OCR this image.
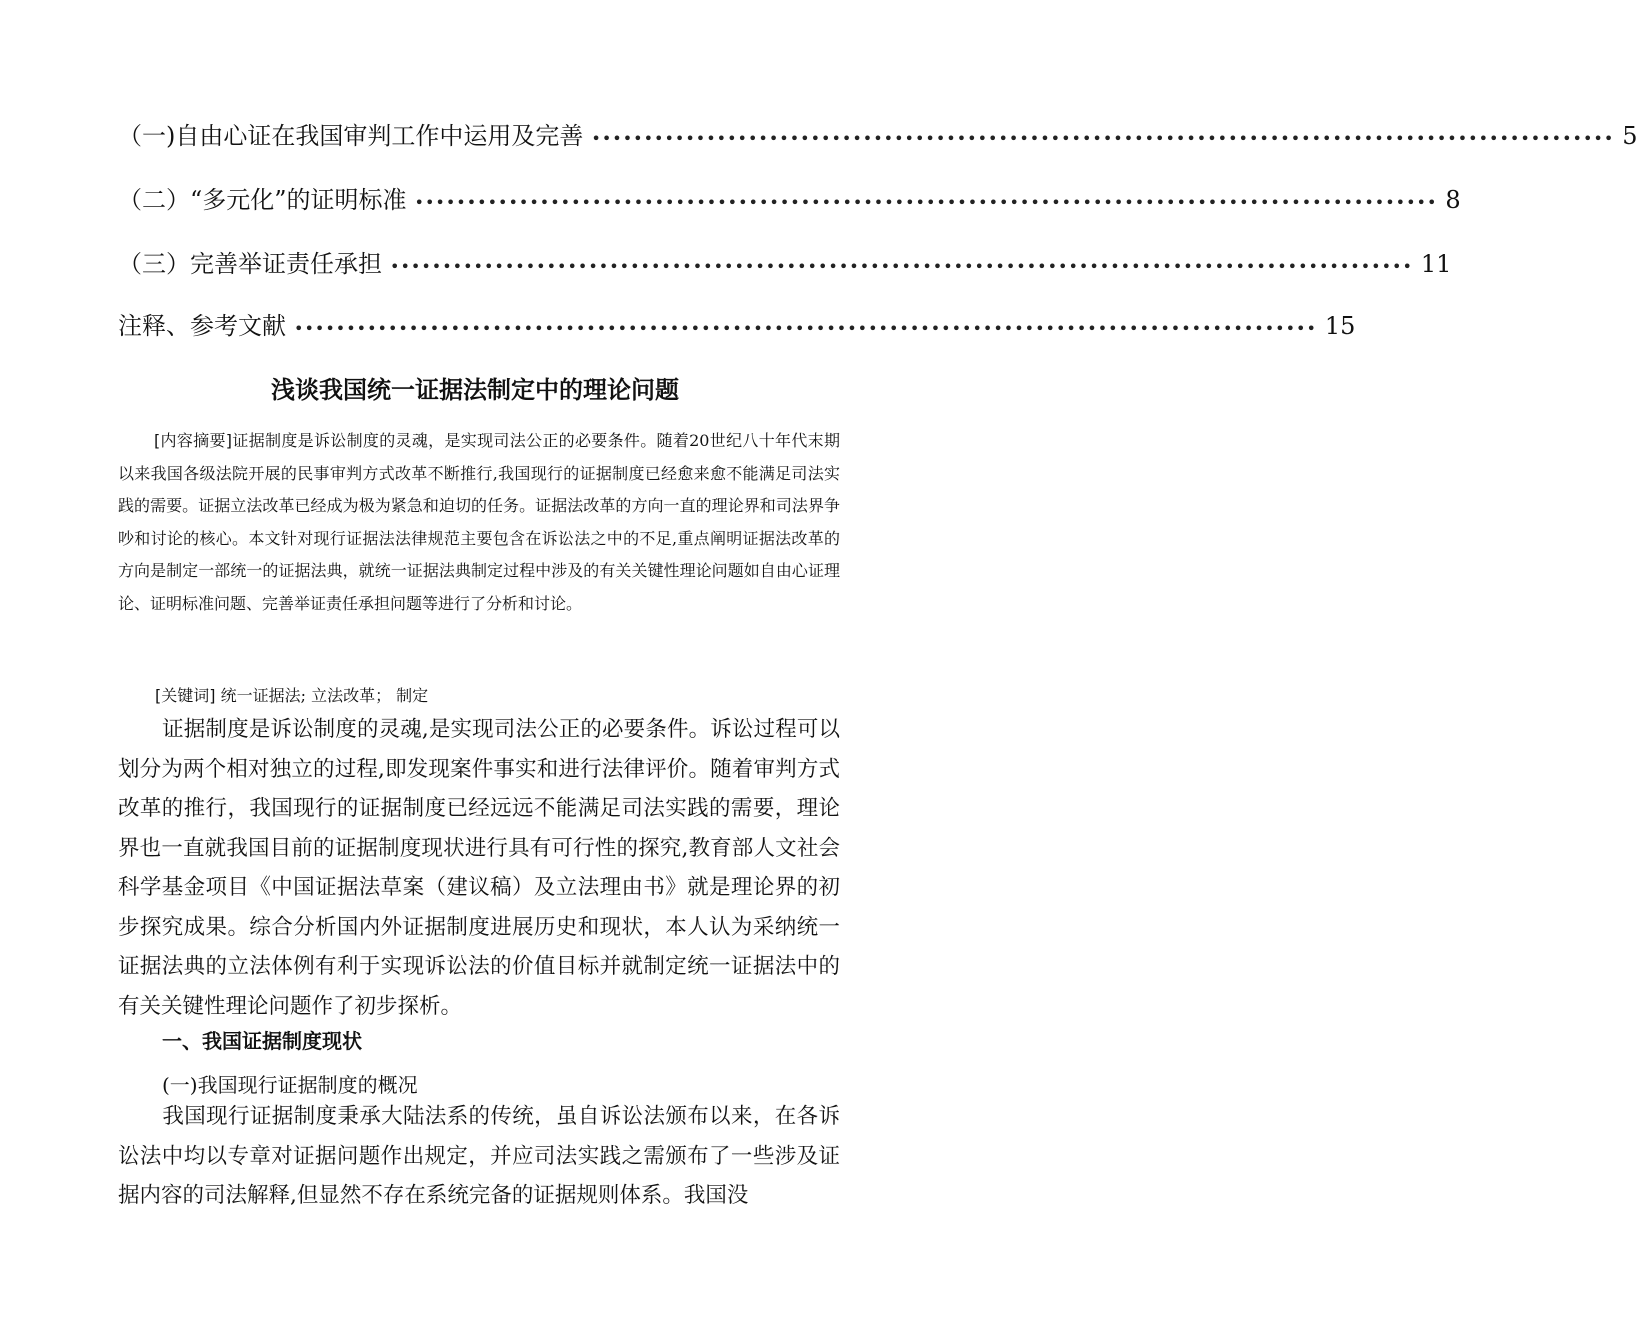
（一)自由心证在我国审判工作中运用及完善 •••••••••••••••••••••••••••••••••••••••••••••••••••••••••••••••••••••••••••••••••••••••••••••••••• 5
（二）“多元化”的证明标准 •••••••••••••••••••••••••••••••••••••••••••••••••••••••••••••••••••••••••••••••••••••••••••••••••• 8
（三）完善举证责任承担 •••••••••••••••••••••••••••••••••••••••••••••••••••••••••••••••••••••••••••••••••••••••••••••••••• 11
注释、参考文献 •••••••••••••••••••••••••••••••••••••••••••••••••••••••••••••••••••••••••••••••••••••••••••••••••• 15
浅谈我国统一证据法制定中的理论问题
[内容摘要]证据制度是诉讼制度的灵魂，是实现司法公正的必要条件。随着20世纪八十年代末期以来我国各级法院开展的民事审判方式改革不断推行,我国现行的证据制度已经愈来愈不能满足司法实践的需要。证据立法改革已经成为极为紧急和迫切的任务。证据法改革的方向一直的理论界和司法界争吵和讨论的核心。本文针对现行证据法法律规范主要包含在诉讼法之中的不足,重点阐明证据法改革的方向是制定一部统一的证据法典，就统一证据法典制定过程中涉及的有关关键性理论问题如自由心证理论、证明标准问题、完善举证责任承担问题等进行了分析和讨论。
[关键词] 统一证据法; 立法改革； 制定
证据制度是诉讼制度的灵魂,是实现司法公正的必要条件。诉讼过程可以划分为两个相对独立的过程,即发现案件事实和进行法律评价。随着审判方式改革的推行，我国现行的证据制度已经远远不能满足司法实践的需要，理论界也一直就我国目前的证据制度现状进行具有可行性的探究,教育部人文社会科学基金项目《中国证据法草案（建议稿）及立法理由书》就是理论界的初步探究成果。综合分析国内外证据制度进展历史和现状，本人认为采纳统一证据法典的立法体例有利于实现诉讼法的价值目标并就制定统一证据法中的有关关键性理论问题作了初步探析。
一、我国证据制度现状
(一)我国现行证据制度的概况
我国现行证据制度秉承大陆法系的传统，虽自诉讼法颁布以来，在各诉讼法中均以专章对证据问题作出规定，并应司法实践之需颁布了一些涉及证据内容的司法解释,但显然不存在系统完备的证据规则体系。我国没
